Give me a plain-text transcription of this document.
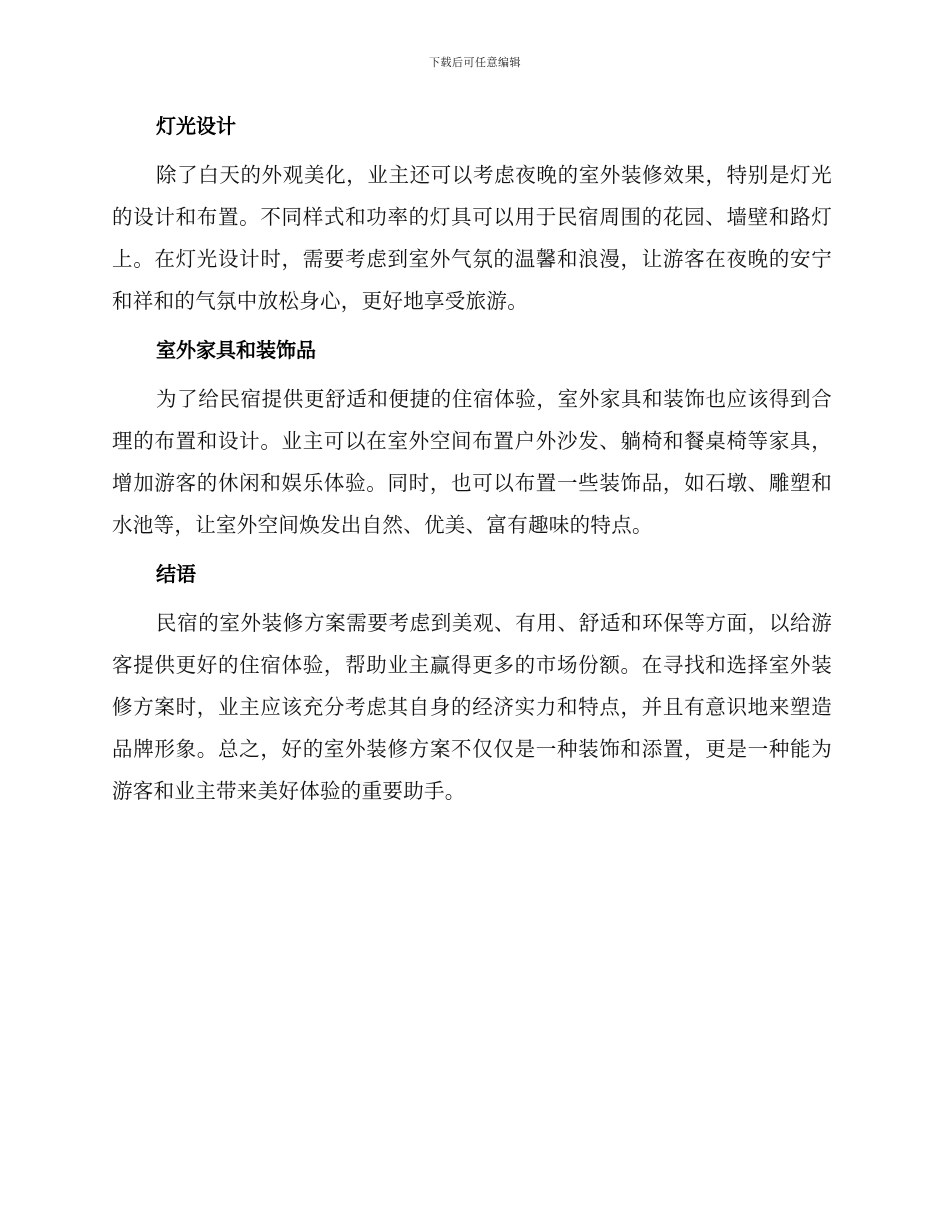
下载后可任意编辑
灯光设计

除了白天的外观美化，业主还可以考虑夜晚的室外装修效果，特别是灯光的设计和布置。不同样式和功率的灯具可以用于民宿周围的花园、墙壁和路灯上。在灯光设计时，需要考虑到室外气氛的温馨和浪漫，让游客在夜晚的安宁和祥和的气氛中放松身心，更好地享受旅游。

室外家具和装饰品

为了给民宿提供更舒适和便捷的住宿体验，室外家具和装饰也应该得到合理的布置和设计。业主可以在室外空间布置户外沙发、躺椅和餐桌椅等家具，增加游客的休闲和娱乐体验。同时，也可以布置一些装饰品，如石墩、雕塑和水池等，让室外空间焕发出自然、优美、富有趣味的特点。

结语

民宿的室外装修方案需要考虑到美观、有用、舒适和环保等方面，以给游客提供更好的住宿体验，帮助业主赢得更多的市场份额。在寻找和选择室外装修方案时，业主应该充分考虑其自身的经济实力和特点，并且有意识地来塑造品牌形象。总之，好的室外装修方案不仅仅是一种装饰和添置，更是一种能为游客和业主带来美好体验的重要助手。
